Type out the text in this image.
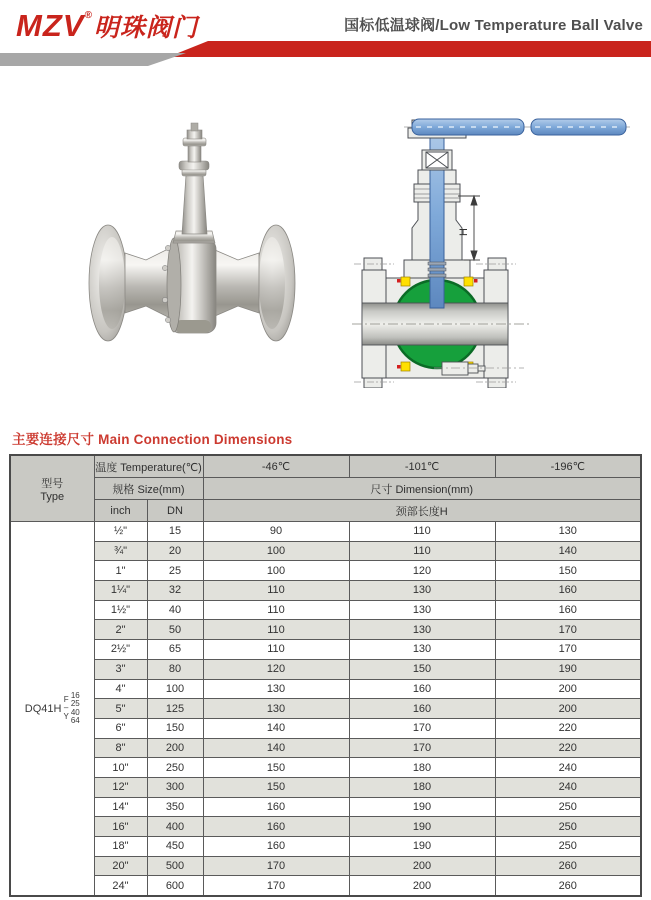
MZV®明珠阀门	国标低温球阀/Low Temperature Ball Valve
H
主要连接尺寸 Main Connection Dimensions
型号
Type	温度 Temperature(℃)		-46℃	-101℃	-196℃
	规格 Size(mm)		尺寸 Dimension(mm)		
	inch	DN	颈部长度H		

DQ41H
F
–
Y
16
25
40
64
	½"	15	90	110	130
	¾"	20	100	110	140
	1"	25	100	120	150
	1¼"	32	110	130	160
	1½"	40	110	130	160
	2"	50	110	130	170
	2½"	65	110	130	170
	3"	80	120	150	190
	4"	100	130	160	200
	5"	125	130	160	200
	6"	150	140	170	220
	8"	200	140	170	220
	10"	250	150	180	240
	12"	300	150	180	240
	14"	350	160	190	250
	16"	400	160	190	250
	18"	450	160	190	250
	20"	500	170	200	260
	24"	600	170	200	260
